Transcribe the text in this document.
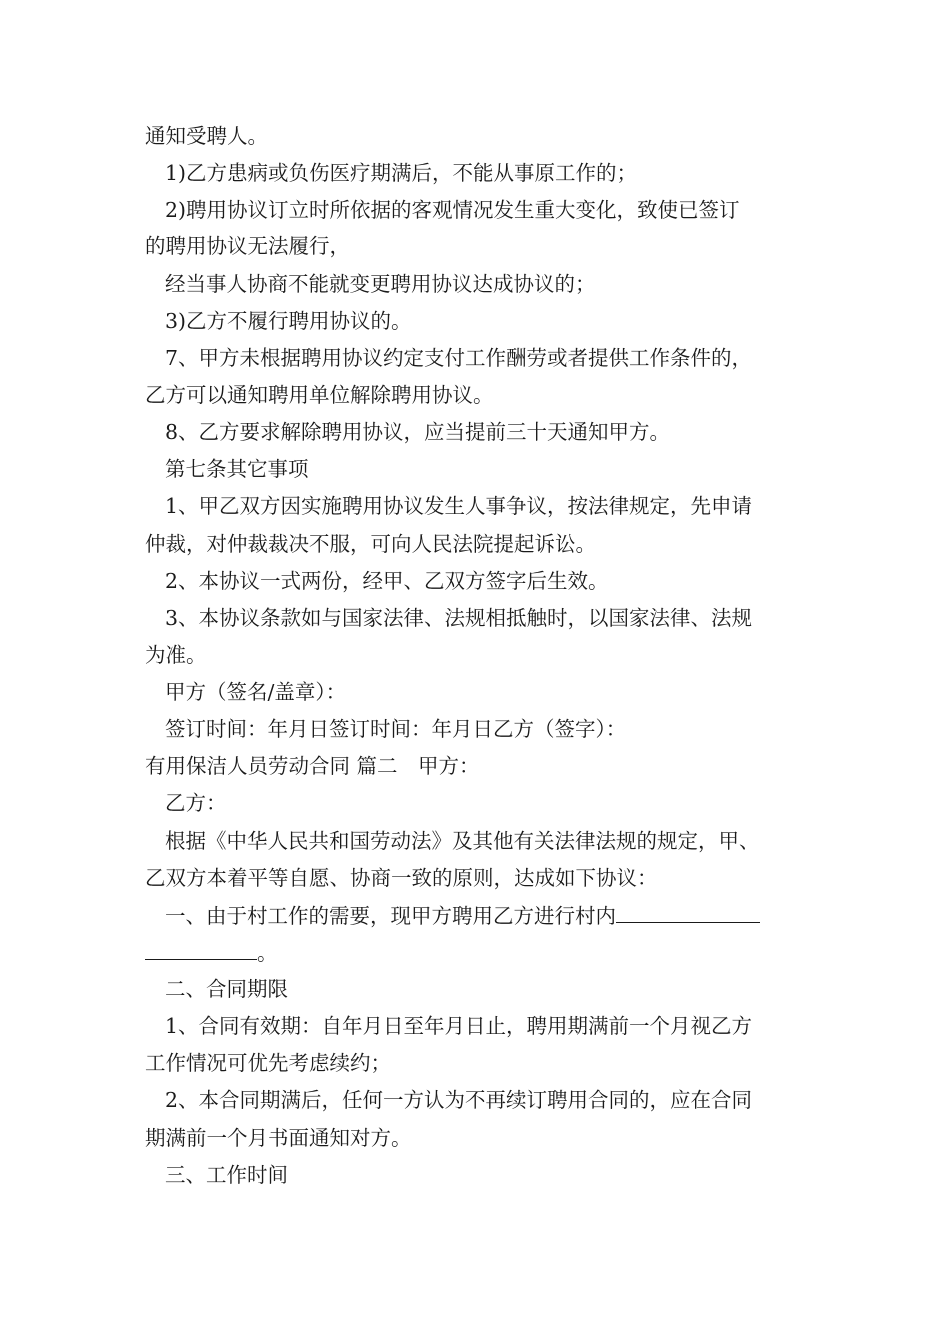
通知受聘人。

1)乙方患病或负伤医疗期满后，不能从事原工作的；

2)聘用协议订立时所依据的客观情况发生重大变化，致使已签订

的聘用协议无法履行，

经当事人协商不能就变更聘用协议达成协议的；

3)乙方不履行聘用协议的。

7、甲方未根据聘用协议约定支付工作酬劳或者提供工作条件的，

乙方可以通知聘用单位解除聘用协议。

8、乙方要求解除聘用协议，应当提前三十天通知甲方。

第七条其它事项

1、甲乙双方因实施聘用协议发生人事争议，按法律规定，先申请

仲裁，对仲裁裁决不服，可向人民法院提起诉讼。

2、本协议一式两份，经甲、乙双方签字后生效。

3、本协议条款如与国家法律、法规相抵触时，以国家法律、法规

为准。

甲方（签名/盖章）：

签订时间：年月日签订时间：年月日乙方（签字）：

有用保洁人员劳动合同 篇二　甲方：

乙方：

根据《中华人民共和国劳动法》及其他有关法律法规的规定，甲、

乙双方本着平等自愿、协商一致的原则，达成如下协议：

一、由于村工作的需要，现甲方聘用乙方进行村内
。

二、合同期限

1、合同有效期：自年月日至年月日止，聘用期满前一个月视乙方

工作情况可优先考虑续约；

2、本合同期满后，任何一方认为不再续订聘用合同的，应在合同

期满前一个月书面通知对方。

三、工作时间
